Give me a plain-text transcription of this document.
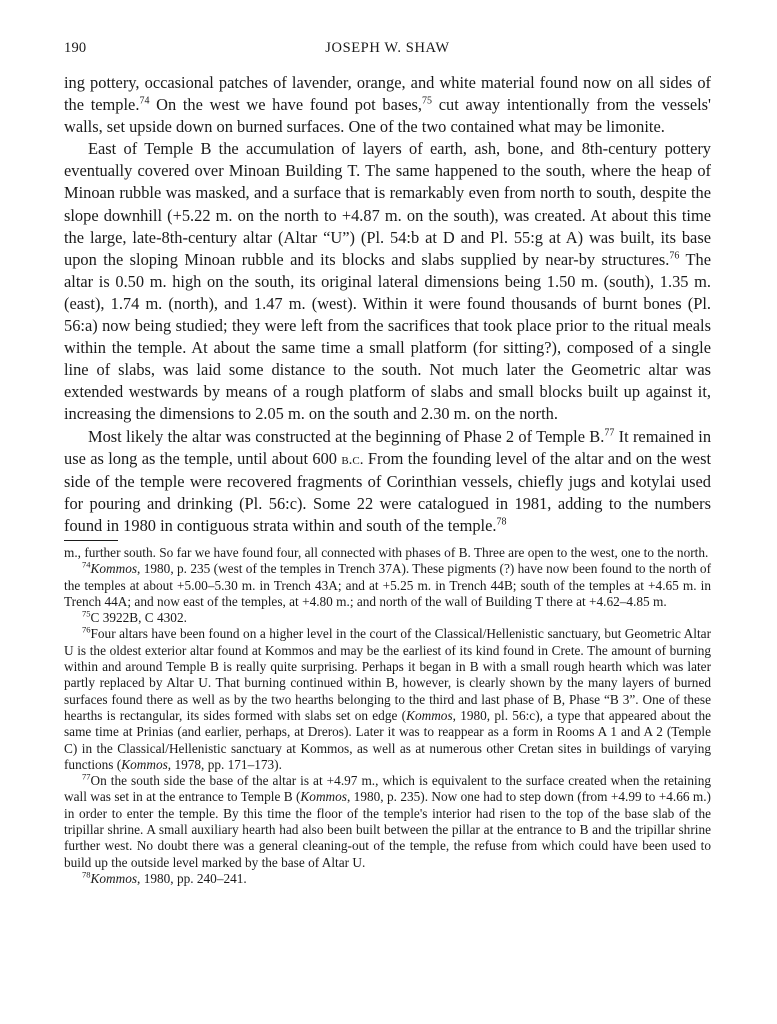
190	JOSEPH W. SHAW

ing pottery, occasional patches of lavender, orange, and white material found now on all sides of the temple.$^{74}$ On the west we have found pot bases,$^{75}$ cut away intentionally from the vessels' walls, set upside down on burned surfaces. One of the two contained what may be limonite.

East of Temple B the accumulation of layers of earth, ash, bone, and 8th-century pottery eventually covered over Minoan Building T. The same happened to the south, where the heap of Minoan rubble was masked, and a surface that is remarkably even from north to south, despite the slope downhill (+5.22 m. on the north to +4.87 m. on the south), was created. At about this time the large, late-8th-century altar (Altar “U”) (Pl. 54:b at D and Pl. 55:g at A) was built, its base upon the sloping Minoan rubble and its blocks and slabs supplied by near-by structures.$^{76}$ The altar is 0.50 m. high on the south, its original lateral dimensions being 1.50 m. (south), 1.35 m. (east), 1.74 m. (north), and 1.47 m. (west). Within it were found thousands of burnt bones (Pl. 56:a) now being studied; they were left from the sacrifices that took place prior to the ritual meals within the temple. At about the same time a small platform (for sitting?), composed of a single line of slabs, was laid some distance to the south. Not much later the Geometric altar was extended westwards by means of a rough platform of slabs and small blocks built up against it, increasing the dimensions to 2.05 m. on the south and 2.30 m. on the north.

Most likely the altar was constructed at the beginning of Phase 2 of Temple B.$^{77}$ It remained in use as long as the temple, until about 600 b.c. From the founding level of the altar and on the west side of the temple were recovered fragments of Corinthian vessels, chiefly jugs and kotylai used for pouring and drinking (Pl. 56:c). Some 22 were catalogued in 1981, adding to the numbers found in 1980 in contiguous strata within and south of the temple.$^{78}$

m., further south. So far we have found four, all connected with phases of B. Three are open to the west, one to the north.

$^{74}$Kommos, 1980, p. 235 (west of the temples in Trench 37A). These pigments (?) have now been found to the north of the temples at about +5.00–5.30 m. in Trench 43A; and at +5.25 m. in Trench 44B; south of the temples at +4.65 m. in Trench 44A; and now east of the temples, at +4.80 m.; and north of the wall of Building T there at +4.62–4.85 m.

$^{75}$C 3922B, C 4302.

$^{76}$Four altars have been found on a higher level in the court of the Classical/Hellenistic sanctuary, but Geometric Altar U is the oldest exterior altar found at Kommos and may be the earliest of its kind found in Crete. The amount of burning within and around Temple B is really quite surprising. Perhaps it began in B with a small rough hearth which was later partly replaced by Altar U. That burning continued within B, however, is clearly shown by the many layers of burned surfaces found there as well as by the two hearths belonging to the third and last phase of B, Phase “B 3”. One of these hearths is rectangular, its sides formed with slabs set on edge (Kommos, 1980, pl. 56:c), a type that appeared about the same time at Prinias (and earlier, perhaps, at Dreros). Later it was to reappear as a form in Rooms A 1 and A 2 (Temple C) in the Classical/Hellenistic sanctuary at Kommos, as well as at numerous other Cretan sites in buildings of varying functions (Kommos, 1978, pp. 171–173).

$^{77}$On the south side the base of the altar is at +4.97 m., which is equivalent to the surface created when the retaining wall was set in at the entrance to Temple B (Kommos, 1980, p. 235). Now one had to step down (from +4.99 to +4.66 m.) in order to enter the temple. By this time the floor of the temple's interior had risen to the top of the base slab of the tripillar shrine. A small auxiliary hearth had also been built between the pillar at the entrance to B and the tripillar shrine further west. No doubt there was a general cleaning-out of the temple, the refuse from which could have been used to build up the outside level marked by the base of Altar U.

$^{78}$Kommos, 1980, pp. 240–241.
